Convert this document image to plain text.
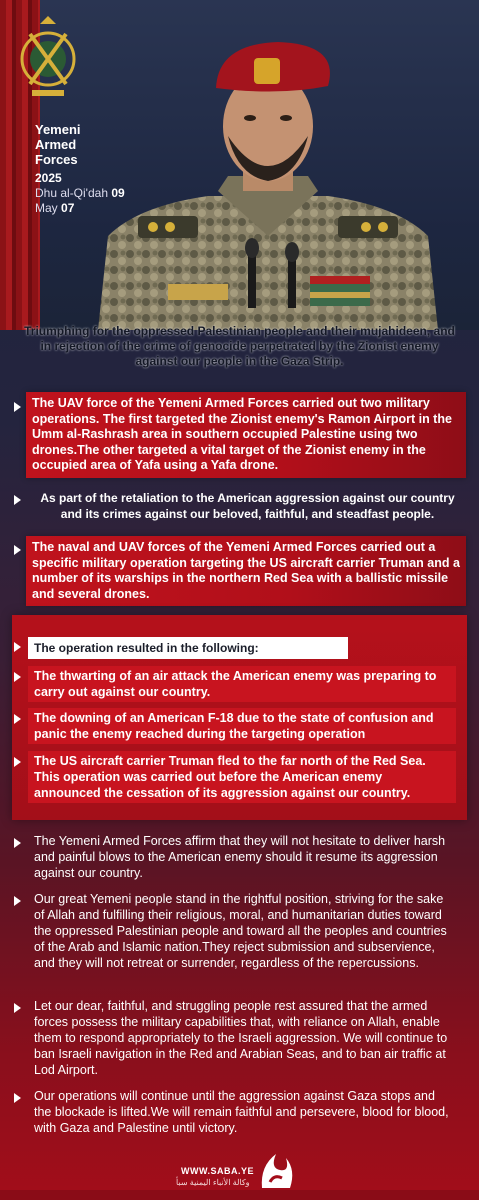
Yemeni
Armed
Forces
2025
Dhu al-Qi'dah 09
May 07
Triumphing for the oppressed Palestinian people and their mujahideen, and in rejection of the crime of genocide perpetrated by the Zionist enemy against our people in the Gaza Strip.
The UAV force of the Yemeni Armed Forces carried out two military operations. The first targeted the Zionist enemy's Ramon Airport in the Umm al-Rashrash area in southern occupied Palestine using two drones.The other targeted a vital target of the Zionist enemy in the occupied area of Yafa using a Yafa drone.
As part of the retaliation to the American aggression against our country and its crimes against our beloved, faithful, and steadfast people.
The naval and UAV forces of the Yemeni Armed Forces carried out a specific military operation targeting the US aircraft carrier Truman and a number of its warships in the northern Red Sea with a ballistic missile and several drones.
The operation resulted in the following:
The thwarting of an air attack the American enemy was preparing to carry out against our country.
The downing of an American F-18 due to the state of confusion and panic the enemy reached during the targeting operation
The US aircraft carrier Truman fled to the far north of the Red Sea. This operation was carried out before the American enemy announced the cessation of its aggression against our country.
The Yemeni Armed Forces affirm that they will not hesitate to deliver harsh and painful blows to the American enemy should it resume its aggression against our country.
Our great Yemeni people stand in the rightful position, striving for the sake of Allah and fulfilling their religious, moral, and humanitarian duties toward the oppressed Palestinian people and toward all the peoples and countries of the Arab and Islamic nation.They reject submission and subservience, and they will not retreat or surrender, regardless of the repercussions.
Let our dear, faithful, and struggling people rest assured that the armed forces possess the military capabilities that, with reliance on Allah, enable them to respond appropriately to the Israeli aggression. We will continue to ban Israeli navigation in the Red and Arabian Seas, and to ban air traffic at Lod Airport.
Our operations will continue until the aggression against Gaza stops and the blockade is lifted.We will remain faithful and persevere, blood for blood, with Gaza and Palestine until victory.
WWW.SABA.YE
وكالة الأنباء اليمنية سبأ
